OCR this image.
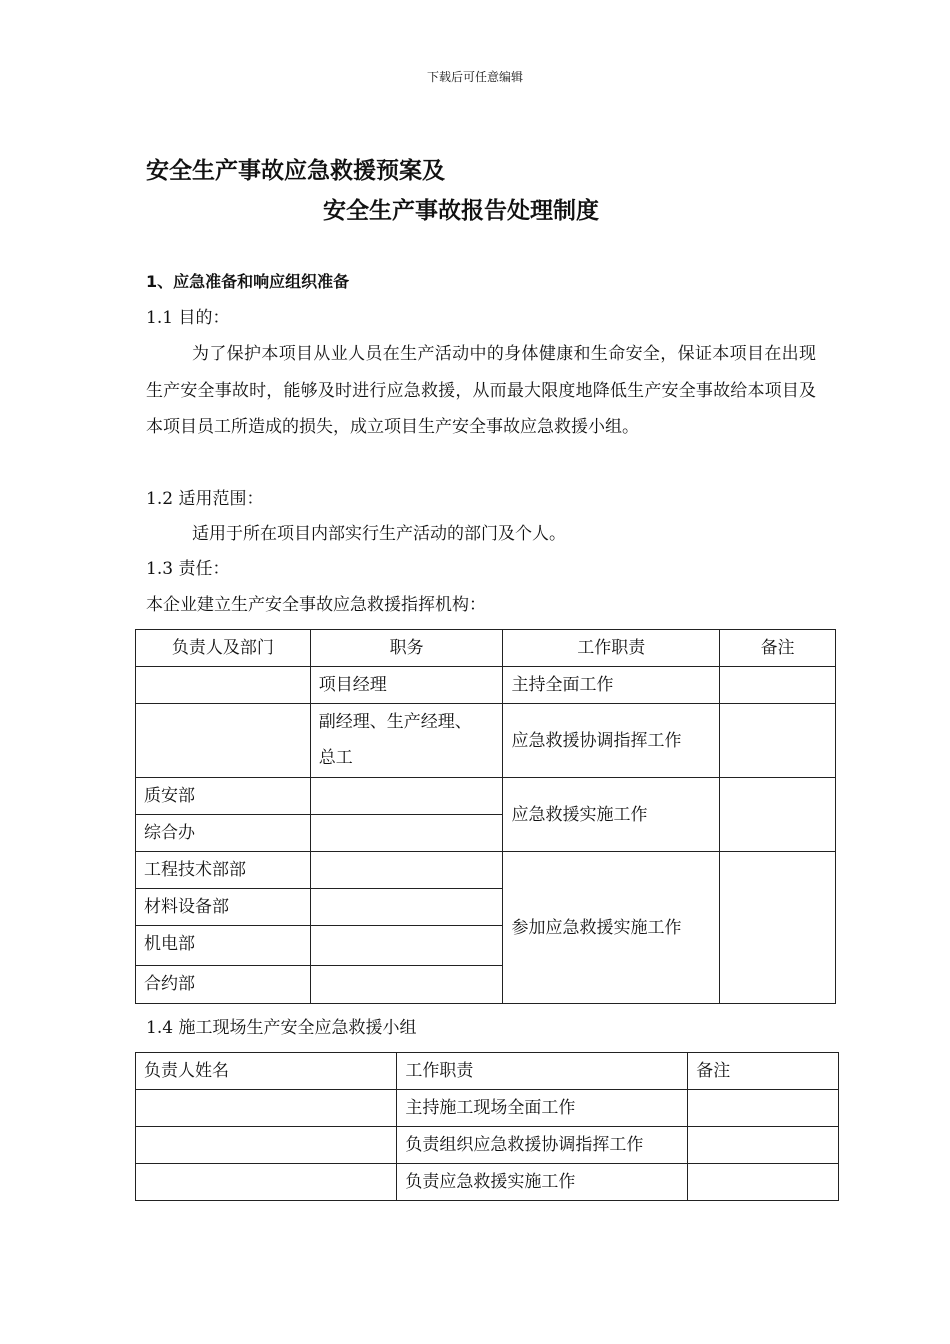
下载后可任意编辑
安全生产事故应急救援预案及
安全生产事故报告处理制度
1、应急准备和响应组织准备
1.1 目的：
为了保护本项目从业人员在生产活动中的身体健康和生命安全，保证本项目在出现生产安全事故时，能够及时进行应急救援，从而最大限度地降低生产安全事故给本项目及本项目员工所造成的损失，成立项目生产安全事故应急救援小组。
1.2 适用范围：
适用于所在项目内部实行生产活动的部门及个人。
1.3 责任：
本企业建立生产安全事故应急救援指挥机构：
负责人及部门	职务	工作职责	备注
	项目经理	主持全面工作	
	副经理、生产经理、总工	应急救援协调指挥工作	
质安部		应急救援实施工作	
综合办			
工程技术部部		参加应急救援实施工作	
材料设备部			
机电部			
合约部			
1.4 施工现场生产安全应急救援小组
负责人姓名	工作职责	备注
	主持施工现场全面工作	
	负责组织应急救援协调指挥工作	
	负责应急救援实施工作	
